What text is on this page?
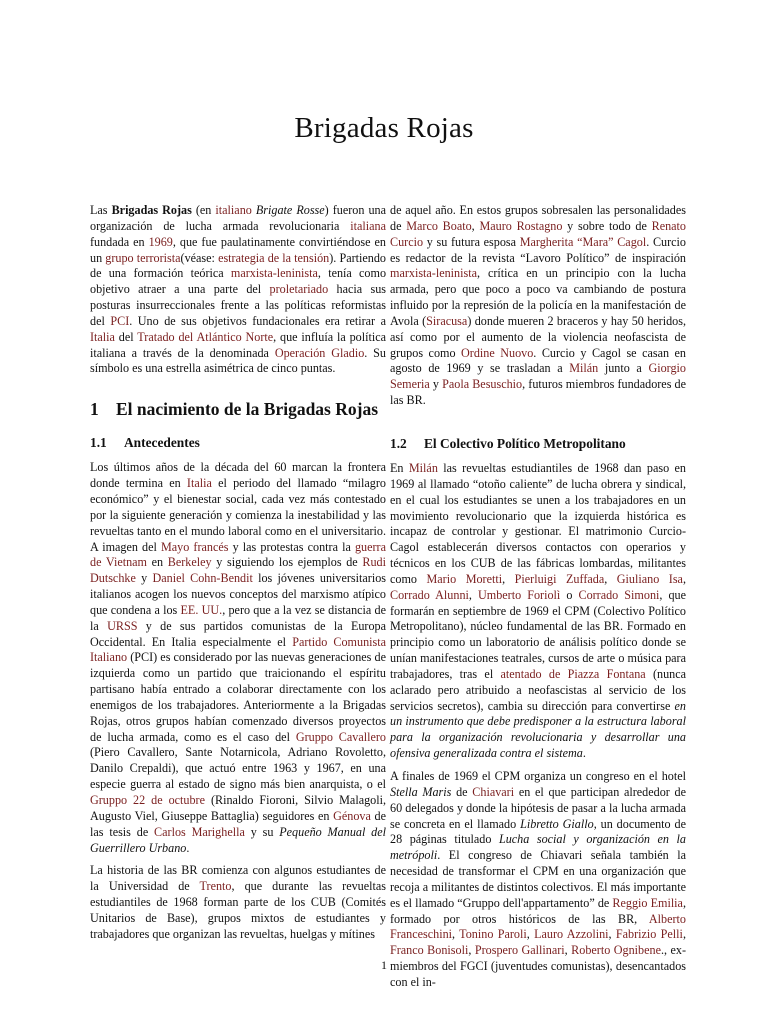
Brigadas Rojas

Las Brigadas Rojas (en italiano Brigate Rosse) fueron una organización de lucha armada revolucionaria italiana fundada en 1969, que fue paulatinamente convirtiéndose en un grupo terrorista(véase: estrategia de la tensión). Partiendo de una formación teórica marxista-leninista, tenía como objetivo atraer a una parte del proletariado hacia sus posturas insurreccionales frente a las políticas reformistas del PCI. Uno de sus objetivos fundacionales era retirar a Italia del Tratado del Atlántico Norte, que influía la política italiana a través de la denominada Operación Gladio. Su símbolo es una estrella asimétrica de cinco puntas.

1 El nacimiento de la Brigadas Rojas
1.1	Antecedentes

Los últimos años de la década del 60 marcan la frontera donde termina en Italia el periodo del llamado “milagro económico” y el bienestar social, cada vez más contestado por la siguiente generación y comienza la inestabilidad y las revueltas tanto en el mundo laboral como en el universitario. A imagen del Mayo francés y las protestas contra la guerra de Vietnam en Berkeley y siguiendo los ejemplos de Rudi Dutschke y Daniel Cohn-Bendit los jóvenes universitarios italianos acogen los nuevos conceptos del marxismo atípico que condena a los EE. UU., pero que a la vez se distancia de la URSS y de sus partidos comunistas de la Europa Occidental. En Italia especialmente el Partido Comunista Italiano (PCI) es considerado por las nuevas generaciones de izquierda como un partido que traicionando el espíritu partisano había entrado a colaborar directamente con los enemigos de los trabajadores. Anteriormente a la Brigadas Rojas, otros grupos habían comenzado diversos proyectos de lucha armada, como es el caso del Gruppo Cavallero (Piero Cavallero, Sante Notarnicola, Adriano Rovoletto, Danilo Crepaldi), que actuó entre 1963 y 1967, en una especie guerra al estado de signo más bien anarquista, o el Gruppo 22 de octubre (Rinaldo Fioroni, Silvio Malagoli, Augusto Viel, Giuseppe Battaglia) seguidores en Génova de las tesis de Carlos Marighella y su Pequeño Manual del Guerrillero Urbano.

La historia de las BR comienza con algunos estudiantes de la Universidad de Trento, que durante las revueltas estudiantiles de 1968 forman parte de los CUB (Comités Unitarios de Base), grupos mixtos de estudiantes y trabajadores que organizan las revueltas, huelgas y mítines

de aquel año. En estos grupos sobresalen las personalidades de Marco Boato, Mauro Rostagno y sobre todo de Renato Curcio y su futura esposa Margherita “Mara” Cagol. Curcio es redactor de la revista “Lavoro Político” de inspiración marxista-leninista, crítica en un principio con la lucha armada, pero que poco a poco va cambiando de postura influido por la represión de la policía en la manifestación de Avola (Siracusa) donde mueren 2 braceros y hay 50 heridos, así como por el aumento de la violencia neofascista de grupos como Ordine Nuovo. Curcio y Cagol se casan en agosto de 1969 y se trasladan a Milán junto a Giorgio Semeria y Paola Besuschio, futuros miembros fundadores de las BR.

1.2	El Colectivo Político Metropolitano

En Milán las revueltas estudiantiles de 1968 dan paso en 1969 al llamado “otoño caliente” de lucha obrera y sindical, en el cual los estudiantes se unen a los trabajadores en un movimiento revolucionario que la izquierda histórica es incapaz de controlar y gestionar. El matrimonio Curcio-Cagol establecerán diversos contactos con operarios y técnicos en los CUB de las fábricas lombardas, militantes como Mario Moretti, Pierluigi Zuffada, Giuliano Isa, Corrado Alunni, Umberto Foriolì o Corrado Simoni, que formarán en septiembre de 1969 el CPM (Colectivo Político Metropolitano), núcleo fundamental de las BR. Formado en principio como un laboratorio de análisis político donde se unían manifestaciones teatrales, cursos de arte o música para trabajadores, tras el atentado de Piazza Fontana (nunca aclarado pero atribuido a neofascistas al servicio de los servicios secretos), cambia su dirección para convertirse en un instrumento que debe predisponer a la estructura laboral para la organización revolucionaria y desarrollar una ofensiva generalizada contra el sistema.

A finales de 1969 el CPM organiza un congreso en el hotel Stella Maris de Chiavari en el que participan alrededor de 60 delegados y donde la hipótesis de pasar a la lucha armada se concreta en el llamado Libretto Giallo, un documento de 28 páginas titulado Lucha social y organización en la metrópoli. El congreso de Chiavari señala también la necesidad de transformar el CPM en una organización que recoja a militantes de distintos colectivos. El más importante es el llamado “Gruppo dell'appartamento” de Reggio Emilia, formado por otros históricos de las BR, Alberto Franceschini, Tonino Paroli, Lauro Azzolini, Fabrizio Pelli, Franco Bonisoli, Prospero Gallinari, Roberto Ognibene., ex-miembros del FGCI (juventudes comunistas), desencantados con el in-

1
